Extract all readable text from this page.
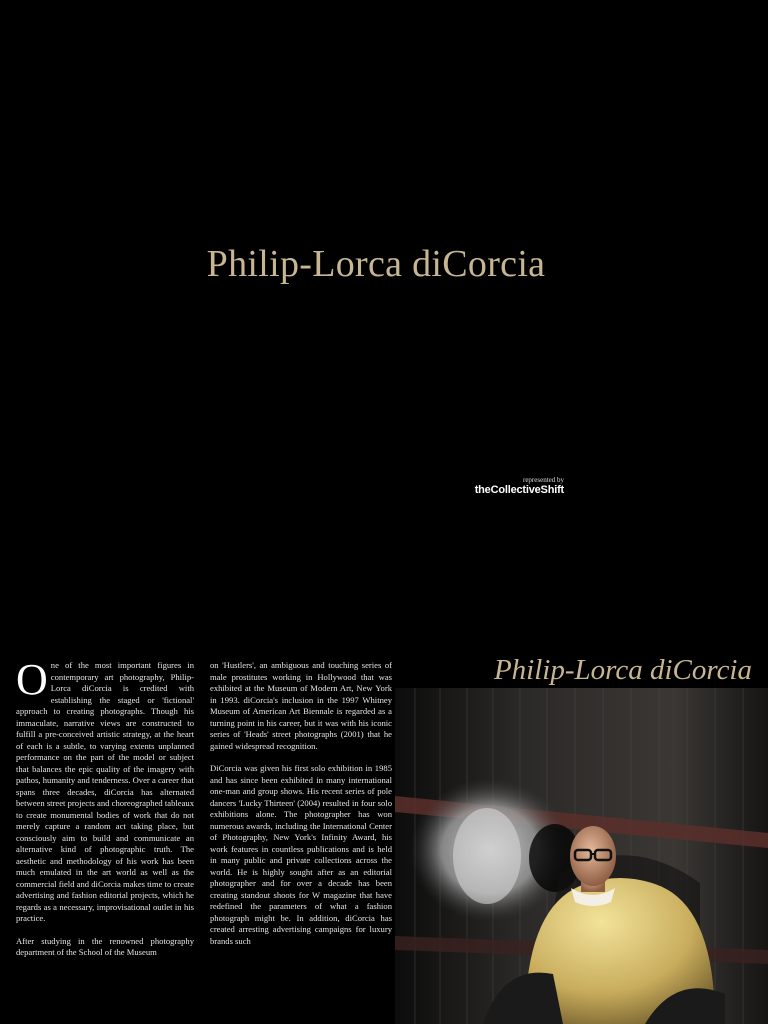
Philip-Lorca diCorcia
represented by
theCollectiveShift
Philip-Lorca diCorcia

One of the most important figures in contemporary art photography, Philip-Lorca diCorcia is credited with establishing the staged or 'fictional' approach to creating photographs. Though his immaculate, narrative views are constructed to fulfill a pre-conceived artistic strategy, at the heart of each is a subtle, to varying extents unplanned performance on the part of the model or subject that balances the epic quality of the imagery with pathos, humanity and tenderness. Over a career that spans three decades, diCorcia has alternated between street projects and choreographed tableaux to create monumental bodies of work that do not merely capture a random act taking place, but consciously aim to build and communicate an alternative kind of photographic truth. The aesthetic and methodology of his work has been much emulated in the art world as well as the commercial field and diCorcia makes time to create advertising and fashion editorial projects, which he regards as a necessary, improvisational outlet in his practice.

After studying in the renowned photography department of the School of the Museum

on 'Hustlers', an ambiguous and touching series of male prostitutes working in Hollywood that was exhibited at the Museum of Modern Art, New York in 1993. diCorcia's inclusion in the 1997 Whitney Museum of American Art Biennale is regarded as a turning point in his career, but it was with his iconic series of 'Heads' street photographs (2001) that he gained widespread recognition.

DiCorcia was given his first solo exhibition in 1985 and has since been exhibited in many international one-man and group shows. His recent series of pole dancers 'Lucky Thirteen' (2004) resulted in four solo exhibitions alone. The photographer has won numerous awards, including the International Center of Photography, New York's Infinity Award, his work features in countless publications and is held in many public and private collections across the world. He is highly sought after as an editorial photographer and for over a decade has been creating standout shoots for W magazine that have redefined the parameters of what a fashion photograph might be. In addition, diCorcia has created arresting advertising campaigns for luxury brands such
